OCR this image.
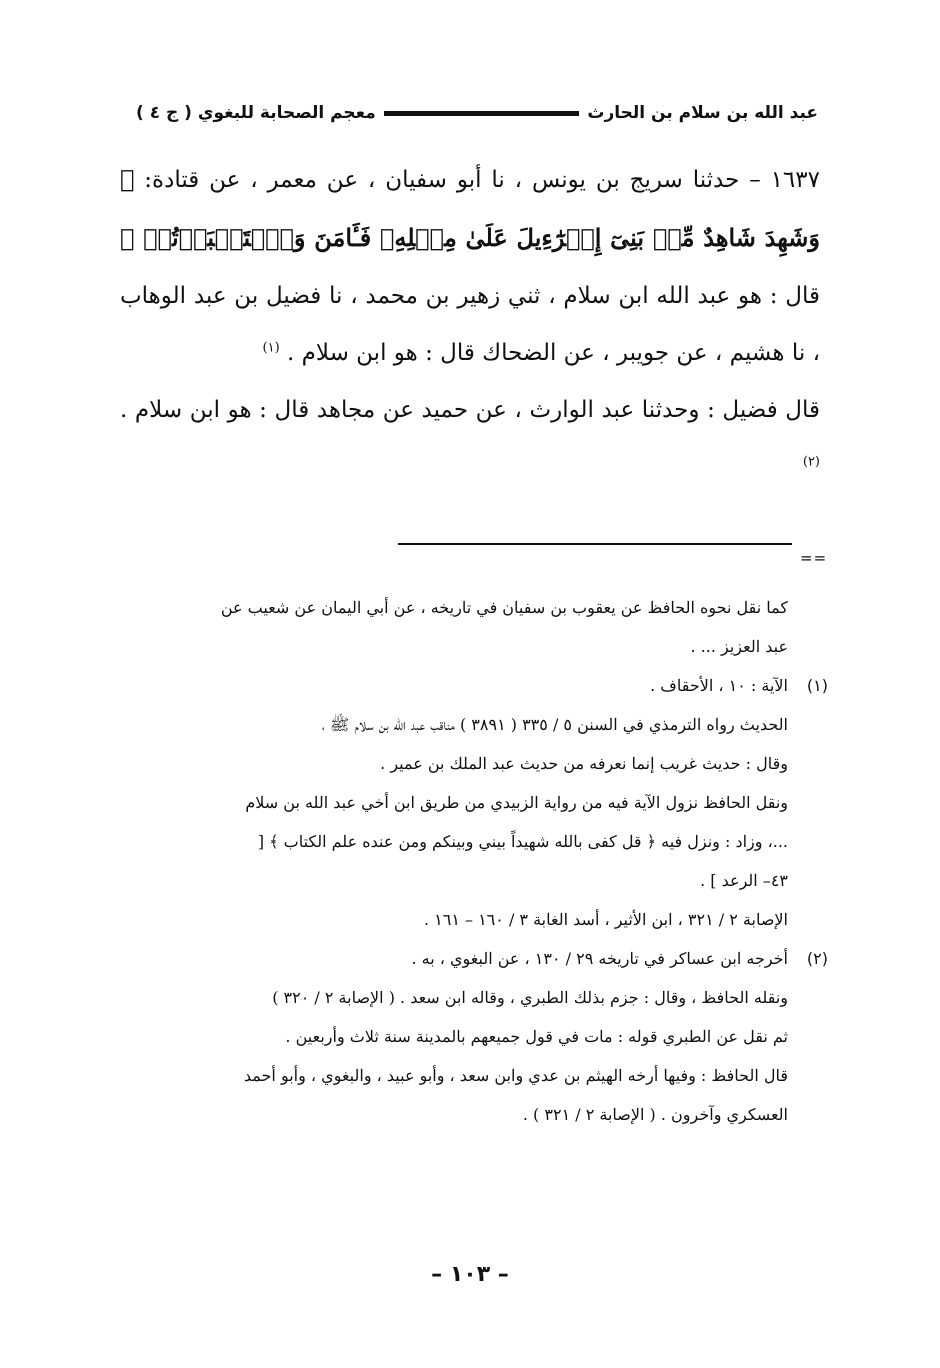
عبد الله بن سلام بن الحارث
معجم الصحابة للبغوي ( ج ٤ )

١٦٣٧ – حدثنا سريج بن يونس ، نا أبو سفيان ، عن معمر ، عن قتادة: ﴿ وَشَهِدَ شَاهِدٌ مِّنۢ بَنِىٓ إِسۡرَٰٓءِيلَ عَلَىٰ مِثۡلِهِۦ فَـَٔامَنَ وَٱسۡتَكۡبَرۡتُمۡ ﴾ قال : هو عبد الله ابن سلام ، ثني زهير بن محمد ، نا فضيل بن عبد الوهاب ، نا هشيم ، عن جويبر ، عن الضحاك قال : هو ابن سلام . $^{(١)}$

قال فضيل : وحدثنا عبد الوارث ، عن حميد عن مجاهد قال : هو ابن سلام . $^{(٢)}$

==

كما نقل نحوه الحافظ عن يعقوب بن سفيان في تاريخه ، عن أبي اليمان عن شعيب عن

عبد العزيز ... .

(١)
الآية : ١٠ ، الأحقاف .

الحديث رواه الترمذي في السنن ٥ / ٣٣٥ ( ٣٨٩١ ) مناقب عبد الله بن سلام ﷺ ،

وقال : حديث غريب إنما نعرفه من حديث عبد الملك بن عمير .

ونقل الحافظ نزول الآية فيه من رواية الزبيدي من طريق ابن أخي عبد الله بن سلام

...، وزاد : ونزل فيه ﴿ قل كفى بالله شهيداً بيني وبينكم ومن عنده علم الكتاب ﴾ [

٤٣– الرعد ] .

الإصابة ٢ / ٣٢١ ، ابن الأثير ، أسد الغابة ٣ / ١٦٠ – ١٦١ .

(٢)
أخرجه ابن عساكر في تاريخه ٢٩ / ١٣٠ ، عن البغوي ، به .

ونقله الحافظ ، وقال : جزم بذلك الطبري ، وقاله ابن سعد . ( الإصابة ٢ / ٣٢٠ )

ثم نقل عن الطبري قوله : مات في قول جميعهم بالمدينة سنة ثلاث وأربعين .

قال الحافظ : وفيها أرخه الهيثم بن عدي وابن سعد ، وأبو عبيد ، والبغوي ، وأبو أحمد

العسكري وآخرون . ( الإصابة ٢ / ٣٢١ ) .

– ١٠٣ –
